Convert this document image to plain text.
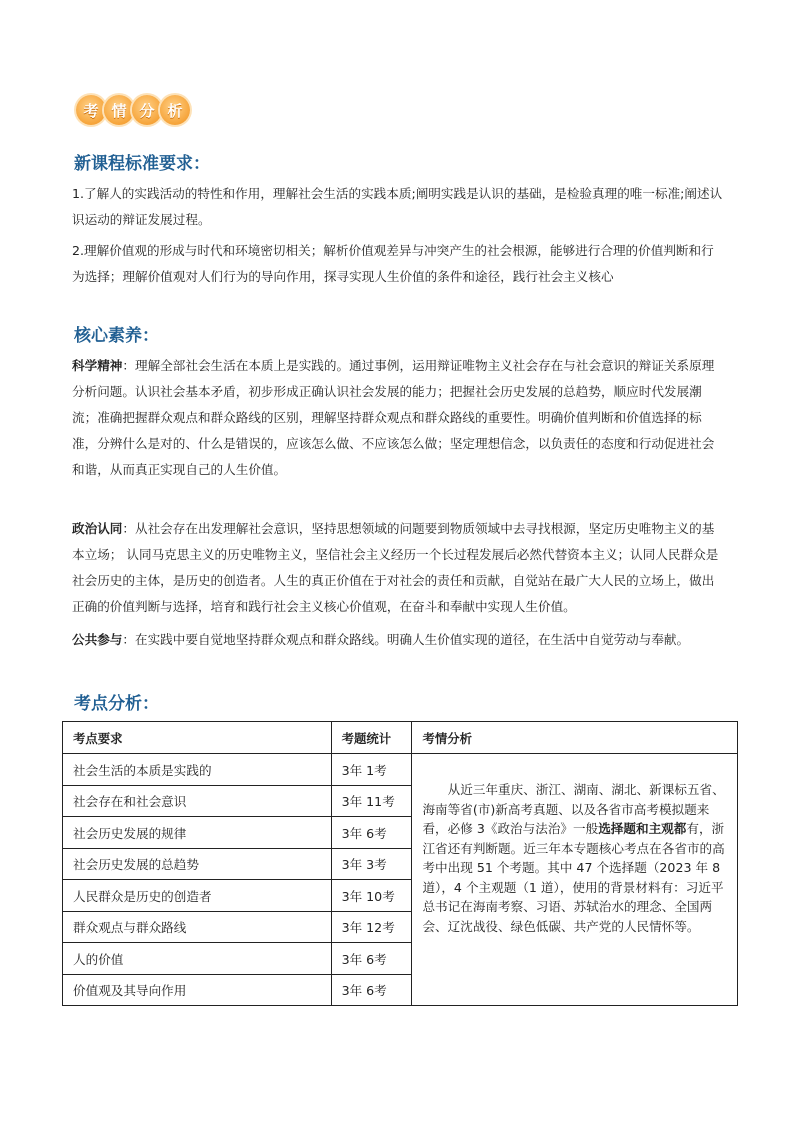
考 情 分 析
新课程标准要求：
1.了解人的实践活动的特性和作用，理解社会生活的实践本质;阐明实践是认识的基础，是检验真理的唯一标准;阐述认识运动的辩证发展过程。
2.理解价值观的形成与时代和环境密切相关；解析价值观差异与冲突产生的社会根源，能够进行合理的价值判断和行为选择；理解价值观对人们行为的导向作用，探寻实现人生价值的条件和途径，践行社会主义核心
核心素养：
科学精神：理解全部社会生活在本质上是实践的。通过事例，运用辩证唯物主义社会存在与社会意识的辩证关系原理分析问题。认识社会基本矛盾，初步形成正确认识社会发展的能力；把握社会历史发展的总趋势，顺应时代发展潮流；准确把握群众观点和群众路线的区别，理解坚持群众观点和群众路线的重要性。明确价值判断和价值选择的标准，分辨什么是对的、什么是错误的，应该怎么做、不应该怎么做；坚定理想信念，以负责任的态度和行动促进社会和谐，从而真正实现自己的人生价值。
政治认同：从社会存在出发理解社会意识，坚持思想领域的问题要到物质领域中去寻找根源，坚定历史唯物主义的基本立场； 认同马克思主义的历史唯物主义，坚信社会主义经历一个长过程发展后必然代替资本主义；认同人民群众是社会历史的主体，是历史的创造者。人生的真正价值在于对社会的责任和贡献，自觉站在最广大人民的立场上，做出正确的价值判断与选择，培育和践行社会主义核心价值观，在奋斗和奉献中实现人生价值。
公共参与：在实践中要自觉地坚持群众观点和群众路线。明确人生价值实现的道径，在生活中自觉劳动与奉献。
考点分析：
考点要求	考题统计	考情分析
社会生活的本质是实践的	3年 1考	从近三年重庆、浙江、湖南、湖北、新课标五省、海南等省(市)新高考真题、以及各省市高考模拟题来看，必修 3《政治与法治》一般选择题和主观都有，浙江省还有判断题。近三年本专题核心考点在各省市的高考中出现 51 个考题。其中 47 个选择题（2023 年 8 道），4 个主观题（1 道），使用的背景材料有：习近平总书记在海南考察、习语、苏轼治水的理念、全国两会、辽沈战役、绿色低碳、共产党的人民情怀等。
社会存在和社会意识	3年 11考	
社会历史发展的规律	3年 6考	
社会历史发展的总趋势	3年 3考	
人民群众是历史的创造者	3年 10考	
群众观点与群众路线	3年 12考	
人的价值	3年 6考	
价值观及其导向作用	3年 6考	
